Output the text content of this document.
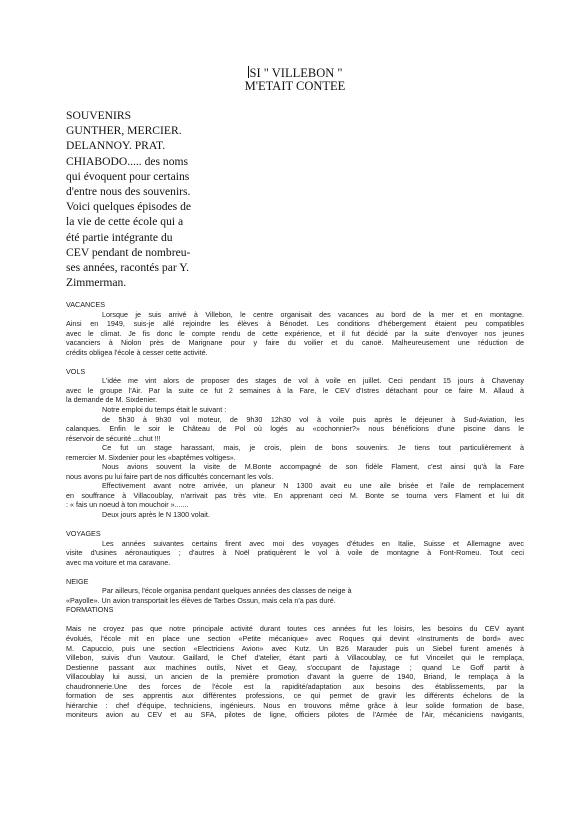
SI " VILLEBON "
M'ETAIT CONTEE
SOUVENIRS
GUNTHER, MERCIER.
DELANNOY. PRAT.
CHIABODO..... des noms
qui évoquent pour certains
d'entre nous des souvenirs.
Voici quelques épisodes de
la vie de cette école qui a
été partie intégrante du
CEV pendant de nombreu-
ses années, racontés par Y.
Zimmerman.
VACANCES
Lorsque je suis arrivé à Villebon, le centre organisait des vacances au bord de la mer et en montagne.
Ainsi en 1949, suis-je allé rejoindre les élèves à Bénodet. Les conditions d'hébergement étaient peu compatibles
avec le climat. Je fis donc le compte rendu de cette expérience, et il fut décidé par la suite d'envoyer nos jeunes
vacanciers à Niolon près de Marignane pour y faire du voilier et du canoë. Malheureusement une réduction de
crédits obligea l'école à cesser cette activité.
VOLS
L'idée me vint alors de proposer des stages de vol à voile en juillet. Ceci pendant 15 jours à Chavenay
avec le groupe l'Air. Par la suite ce fut 2 semaines à la Fare, le CEV d'Istres détachant pour ce faire M. Allaud à
la demande de M. Sixdenier.
Notre emploi du temps était le suivant :
de 5h30 à 9h30 vol moteur, de 9h30 12h30 vol à voile puis après le déjeuner à Sud-Aviation, les
calanques. Enfin le soir le Château de Pol où logés au «cochonnier?» nous bénéficions d'une piscine dans le
réservoir de sécurité ...chut !!!
Ce fut un stage harassant, mais, je crois, plein de bons souvenirs. Je tiens tout particulièrement à
remercier M. Sixdenier pour les «baptêmes voltiges».
Nous avions souvent la visite de M.Bonte accompagné de son fidèle Flament, c'est ainsi qu'à la Fare
nous avons pu lui faire part de nos difficultés concernant les vols.
Effectivement avant notre arrivée, un planeur N 1300 avait eu une aile brisée et l'aile de remplacement
en souffrance à Villacoublay, n'arrivait pas très vite. En apprenant ceci M. Bonte se tourna vers Flament et lui dit
: « fais un noeud à ton mouchoir ».......
Deux jours après le N 1300 volait.
VOYAGES
Les années suivantes certains firent avec moi des voyages d'études en Italie, Suisse et Allemagne avec
visite d'usines aéronautiques ; d'autres à Noël pratiquèrent le vol à voile de montagne à Font-Romeu. Tout ceci
avec ma voiture et ma caravane.
NEIGE
Par ailleurs, l'école organisa pendant quelques années des classes de neige à
«Payolle». Un avion transportait les élèves de Tarbes Ossun, mais cela n'a pas duré.
FORMATIONS

Mais ne croyez pas que notre principale activité durant toutes ces années fut les loisirs, les besoins du CEV ayant
évolués, l'école mit en place une section «Petite mécanique» avec Roques qui devint «Instruments de bord» avec
M. Capuccio, puis une section «Electriciens Avion» avec Kutz. Un B26 Marauder puis un Siebel furent amenés à
Villebon, suivis d'un Vautour. Gaillard, le Chef d'atelier, étant parti à Villacoublay, ce fut Vinceilet qui le remplaça,
Destienne passant aux machines outils, Nivet et Geay, s'occupant de l'ajustage ; quand Le Goff partit à
Villacoublay lui aussi, un ancien de la première promotion d'avant la guerre de 1940, Briand, le remplaça à la
chaudronnerie.Une des forces de l'école est la rapidité/adaptation aux besoins des établissements, par la
formation de ses apprentis aux différentes professions, ce qui permet de gravir les différents échelons de la
hiérarchie : chef d'équipe, techniciens, ingénieurs. Nous en trouvons même grâce à leur solide formation de base,
moniteurs avion au CEV et au SFA, pilotes de ligne, officiers pilotes de l'Armée de l'Air, mécaniciens navigants,
